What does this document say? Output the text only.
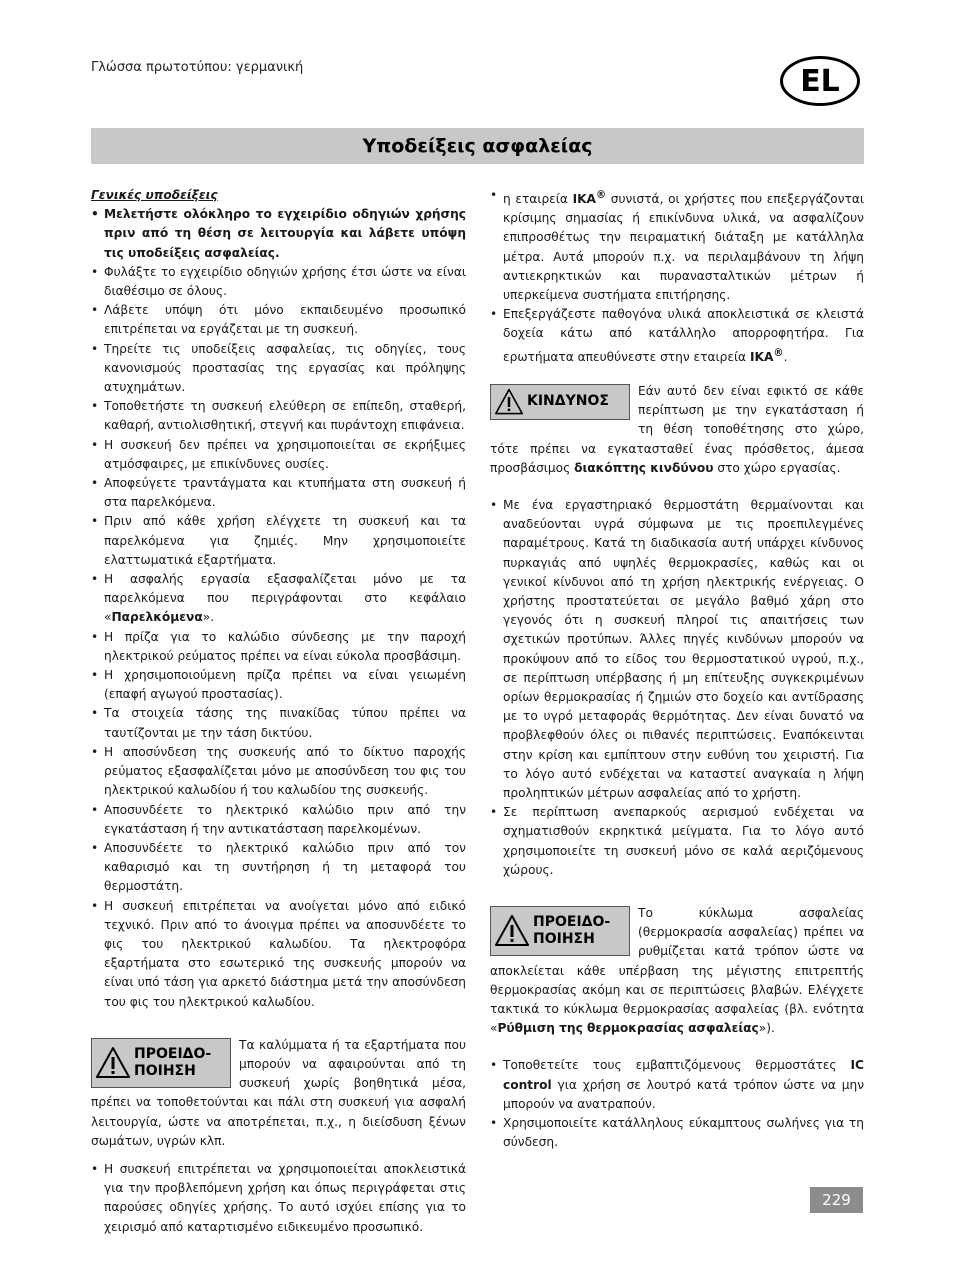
Γλώσσα πρωτοτύπου: γερμανική	EL
Υποδείξεις ασφαλείας

Γενικές υποδείξεις

• Μελετήστε ολόκληρο το εγχειρίδιο οδηγιών χρήσης πριν από τη θέση σε λειτουργία και λάβετε υπόψη τις υποδείξεις ασφαλείας.
• Φυλάξτε το εγχειρίδιο οδηγιών χρήσης έτσι ώστε να είναι διαθέσιμο σε όλους.
• Λάβετε υπόψη ότι μόνο εκπαιδευμένο προσωπικό επιτρέπεται να εργάζεται με τη συσκευή.
• Τηρείτε τις υποδείξεις ασφαλείας, τις οδηγίες, τους κανονισμούς προστασίας της εργασίας και πρόληψης ατυχημάτων.
• Τοποθετήστε τη συσκευή ελεύθερη σε επίπεδη, σταθερή, καθαρή, αντιολισθητική, στεγνή και πυράντοχη επιφάνεια.
• Η συσκευή δεν πρέπει να χρησιμοποιείται σε εκρήξιμες ατμόσφαιρες, με επικίνδυνες ουσίες.
• Αποφεύγετε τραντάγματα και κτυπήματα στη συσκευή ή στα παρελκόμενα.
• Πριν από κάθε χρήση ελέγχετε τη συσκευή και τα παρελκόμενα για ζημιές. Μην χρησιμοποιείτε ελαττωματικά εξαρτήματα.
• Η ασφαλής εργασία εξασφαλίζεται μόνο με τα παρελκόμενα που περιγράφονται στο κεφάλαιο «Παρελκόμενα».
• Η πρίζα για το καλώδιο σύνδεσης με την παροχή ηλεκτρικού ρεύματος πρέπει να είναι εύκολα προσβάσιμη.
• Η χρησιμοποιούμενη πρίζα πρέπει να είναι γειωμένη (επαφή αγωγού προστασίας).
• Τα στοιχεία τάσης της πινακίδας τύπου πρέπει να ταυτίζονται με την τάση δικτύου.
• Η αποσύνδεση της συσκευής από το δίκτυο παροχής ρεύματος εξασφαλίζεται μόνο με αποσύνδεση του φις του ηλεκτρικού καλωδίου ή του καλωδίου της συσκευής.
• Αποσυνδέετε το ηλεκτρικό καλώδιο πριν από την εγκατάσταση ή την αντικατάσταση παρελκομένων.
• Αποσυνδέετε το ηλεκτρικό καλώδιο πριν από τον καθαρισμό και τη συντήρηση ή τη μεταφορά του θερμοστάτη.
• Η συσκευή επιτρέπεται να ανοίγεται μόνο από ειδικό τεχνικό. Πριν από το άνοιγμα πρέπει να αποσυνδέετε το φις του ηλεκτρικού καλωδίου. Τα ηλεκτροφόρα εξαρτήματα στο εσωτερικό της συσκευής μπορούν να είναι υπό τάση για αρκετό διάστημα μετά την αποσύνδεση του φις του ηλεκτρικού καλωδίου.
ΠΡΟΕΙΔΟ-
ΠΟΙΗΣΗ
Τα καλύμματα ή τα εξαρτήματα που μπορούν να αφαιρούνται από τη συσκευή χωρίς βοηθητικά μέσα, πρέπει να τοποθετούνται και πάλι στη συσκευή για ασφαλή λειτουργία, ώστε να αποτρέπεται, π.χ., η διείσδυση ξένων σωμάτων, υγρών κλπ.
• Η συσκευή επιτρέπεται να χρησιμοποιείται αποκλειστικά για την προβλεπόμενη χρήση και όπως περιγράφεται στις παρούσες οδηγίες χρήσης. Το αυτό ισχύει επίσης για το χειρισμό από καταρτισμένο ειδικευμένο προσωπικό.
• η εταιρεία IKA® συνιστά, οι χρήστες που επεξεργάζονται κρίσιμης σημασίας ή επικίνδυνα υλικά, να ασφαλίζουν επιπροσθέτως την πειραματική διάταξη με κατάλληλα μέτρα. Αυτά μπορούν π.χ. να περιλαμβάνουν τη λήψη αντιεκρηκτικών και πυρανασταλτικών μέτρων ή υπερκείμενα συστήματα επιτήρησης.
• Επεξεργάζεστε παθογόνα υλικά αποκλειστικά σε κλειστά δοχεία κάτω από κατάλληλο απορροφητήρα. Για ερωτήματα απευθύνεστε στην εταιρεία IKA®.
ΚΙΝΔΥΝΟΣ
Εάν αυτό δεν είναι εφικτό σε κάθε περίπτωση με την εγκατάσταση ή τη θέση τοποθέτησης στο χώρο, τότε πρέπει να εγκατασταθεί ένας πρόσθετος, άμεσα προσβάσιμος διακόπτης κινδύνου στο χώρο εργασίας.
• Με ένα εργαστηριακό θερμοστάτη θερμαίνονται και αναδεύονται υγρά σύμφωνα με τις προεπιλεγμένες παραμέτρους. Κατά τη διαδικασία αυτή υπάρχει κίνδυνος πυρκαγιάς από υψηλές θερμοκρασίες, καθώς και οι γενικοί κίνδυνοι από τη χρήση ηλεκτρικής ενέργειας. Ο χρήστης προστατεύεται σε μεγάλο βαθμό χάρη στο γεγονός ότι η συσκευή πληροί τις απαιτήσεις των σχετικών προτύπων. Άλλες πηγές κινδύνων μπορούν να προκύψουν από το είδος του θερμοστατικού υγρού, π.χ., σε περίπτωση υπέρβασης ή μη επίτευξης συγκεκριμένων ορίων θερμοκρασίας ή ζημιών στο δοχείο και αντίδρασης με το υγρό μεταφοράς θερμότητας. Δεν είναι δυνατό να προβλεφθούν όλες οι πιθανές περιπτώσεις. Εναπόκεινται στην κρίση και εμπίπτουν στην ευθύνη του χειριστή. Για το λόγο αυτό ενδέχεται να καταστεί αναγκαία η λήψη προληπτικών μέτρων ασφαλείας από το χρήστη.
• Σε περίπτωση ανεπαρκούς αερισμού ενδέχεται να σχηματισθούν εκρηκτικά μείγματα. Για το λόγο αυτό χρησιμοποιείτε τη συσκευή μόνο σε καλά αεριζόμενους χώρους.
ΠΡΟΕΙΔΟ-
ΠΟΙΗΣΗ
Το κύκλωμα ασφαλείας (θερμοκρασία ασφαλείας) πρέπει να ρυθμίζεται κατά τρόπον ώστε να αποκλείεται κάθε υπέρβαση της μέγιστης επιτρεπτής θερμοκρασίας ακόμη και σε περιπτώσεις βλαβών. Ελέγχετε τακτικά το κύκλωμα θερμοκρασίας ασφαλείας (βλ. ενότητα «Ρύθμιση της θερμοκρασίας ασφαλείας»).
• Τοποθετείτε τους εμβαπτιζόμενους θερμοστάτες IC control για χρήση σε λουτρό κατά τρόπον ώστε να μην μπορούν να ανατραπούν.
• Χρησιμοποιείτε κατάλληλους εύκαμπτους σωλήνες για τη σύνδεση.
229
